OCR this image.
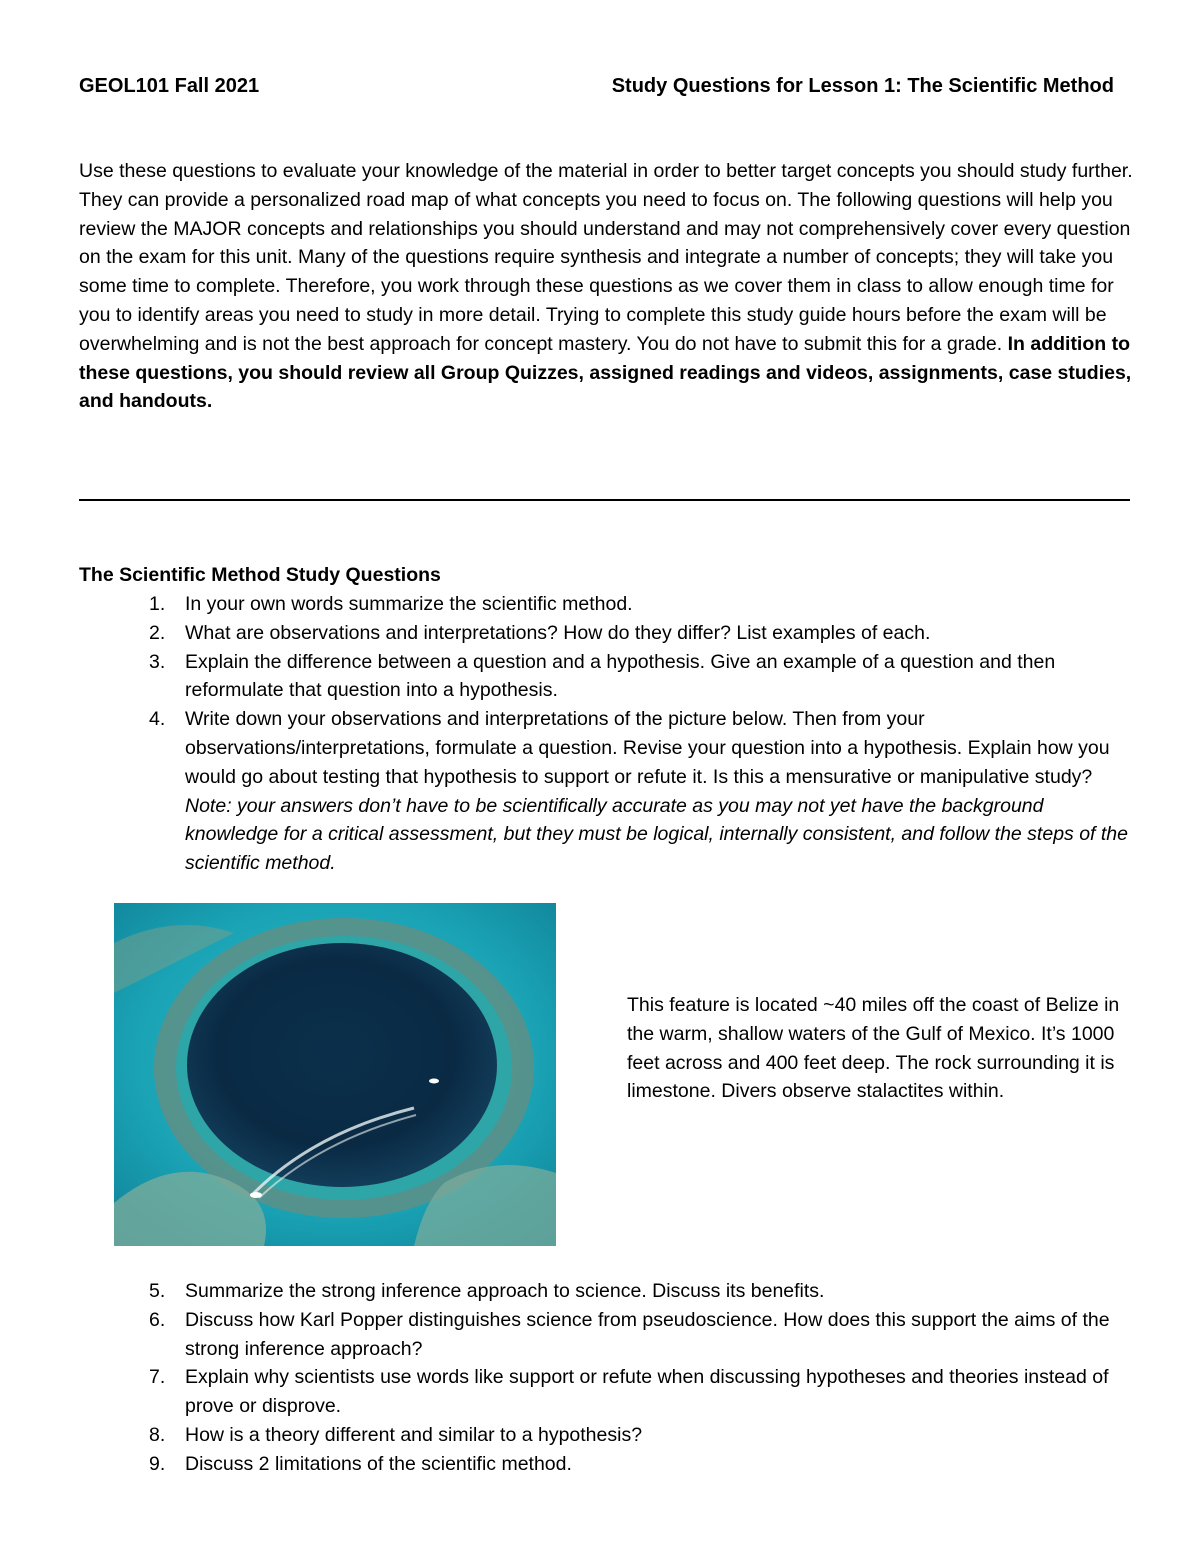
GEOL101 Fall 2021	Study Questions for Lesson 1: The Scientific Method

Use these questions to evaluate your knowledge of the material in order to better target concepts you should study further. They can provide a personalized road map of what concepts you need to focus on. The following questions will help you review the MAJOR concepts and relationships you should understand and may not comprehensively cover every question on the exam for this unit. Many of the questions require synthesis and integrate a number of concepts; they will take you some time to complete. Therefore, you work through these questions as we cover them in class to allow enough time for you to identify areas you need to study in more detail. Trying to complete this study guide hours before the exam will be overwhelming and is not the best approach for concept mastery. You do not have to submit this for a grade. In addition to these questions, you should review all Group Quizzes, assigned readings and videos, assignments, case studies, and handouts.

The Scientific Method Study Questions

1. In your own words summarize the scientific method.
2. What are observations and interpretations? How do they differ? List examples of each.
3. Explain the difference between a question and a hypothesis. Give an example of a question and then reformulate that question into a hypothesis.
4. Write down your observations and interpretations of the picture below. Then from your observations/interpretations, formulate a question. Revise your question into a hypothesis. Explain how you would go about testing that hypothesis to support or refute it. Is this a mensurative or manipulative study? Note: your answers don’t have to be scientifically accurate as you may not yet have the background knowledge for a critical assessment, but they must be logical, internally consistent, and follow the steps of the scientific method.

This feature is located ~40 miles off the coast of Belize in the warm, shallow waters of the Gulf of Mexico. It’s 1000 feet across and 400 feet deep. The rock surrounding it is limestone. Divers observe stalactites within.

5. Summarize the strong inference approach to science. Discuss its benefits.
6. Discuss how Karl Popper distinguishes science from pseudoscience. How does this support the aims of the strong inference approach?
7. Explain why scientists use words like support or refute when discussing hypotheses and theories instead of prove or disprove.
8. How is a theory different and similar to a hypothesis?
9. Discuss 2 limitations of the scientific method.
